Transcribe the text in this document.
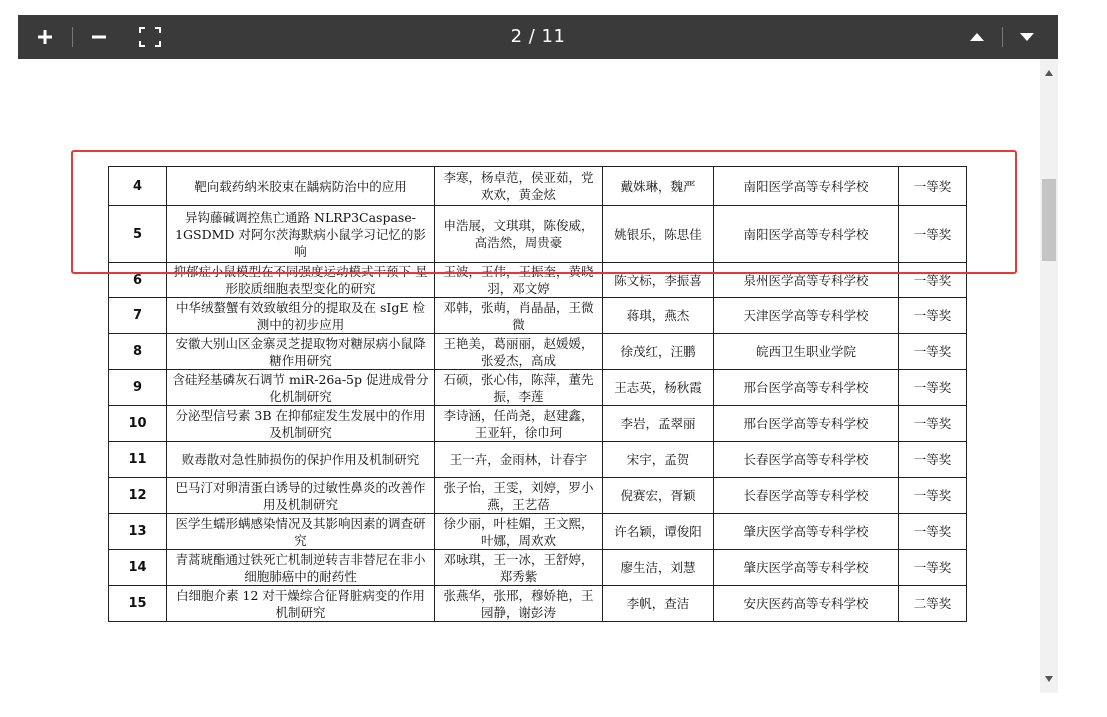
2 / 11
4	靶向载药纳米胶束在龋病防治中的应用	李寒，杨卓范，侯亚茹，党欢欢，黄金炫	戴姝琳，魏严	南阳医学高等专科学校	一等奖
5	异钩藤碱调控焦亡通路 NLRP3Caspase-1GSDMD 对阿尔茨海默病小鼠学习记忆的影响	申浩展，文琪琪，陈俊威，高浩然，周贵豪	姚银乐，陈思佳	南阳医学高等专科学校	一等奖
6	抑郁症小鼠模型在不同强度运动模式干预下 星形胶质细胞表型变化的研究	王波，王伟，王振奎，黄晓羽，邓文婷	陈文标，李振喜	泉州医学高等专科学校	一等奖
7	中华绒螯蟹有效致敏组分的提取及在 sIgE 检测中的初步应用	邓韩，张萌，肖晶晶，王微微	蒋琪，燕杰	天津医学高等专科学校	一等奖
8	安徽大别山区金寨灵芝提取物对糖尿病小鼠降糖作用研究	王艳美，葛丽丽，赵媛媛，张爱杰，高成	徐茂红，汪鹏	皖西卫生职业学院	一等奖
9	含硅羟基磷灰石调节 miR-26a-5p 促进成骨分化机制研究	石硕，张心伟，陈萍，董先振，李莲	王志英，杨秋霞	邢台医学高等专科学校	一等奖
10	分泌型信号素 3B 在抑郁症发生发展中的作用及机制研究	李诗涵，任尚尧，赵建鑫，王亚轩，徐巾珂	李岩，孟翠丽	邢台医学高等专科学校	一等奖
11	败毒散对急性肺损伤的保护作用及机制研究	王一卉，金雨林，计春宇	宋宇，孟贺	长春医学高等专科学校	一等奖
12	巴马汀对卵清蛋白诱导的过敏性鼻炎的改善作用及机制研究	张子怡，王雯，刘婷，罗小燕，王艺蓓	倪赛宏，胥颖	长春医学高等专科学校	一等奖
13	医学生蠕形螨感染情况及其影响因素的调查研究	徐少丽，叶桂媚，王文熙，叶娜，周欢欢	许名颖，谭俊阳	肇庆医学高等专科学校	一等奖
14	青蒿琥酯通过铁死亡机制逆转吉非替尼在非小细胞肺癌中的耐药性	邓咏琪，王一冰，王舒婷，郑秀紫	廖生洁，刘慧	肇庆医学高等专科学校	一等奖
15	白细胞介素 12 对干燥综合征肾脏病变的作用机制研究	张燕华，张邢，穆娇艳，王园静，谢彭涛	李帆，查洁	安庆医药高等专科学校	二等奖
